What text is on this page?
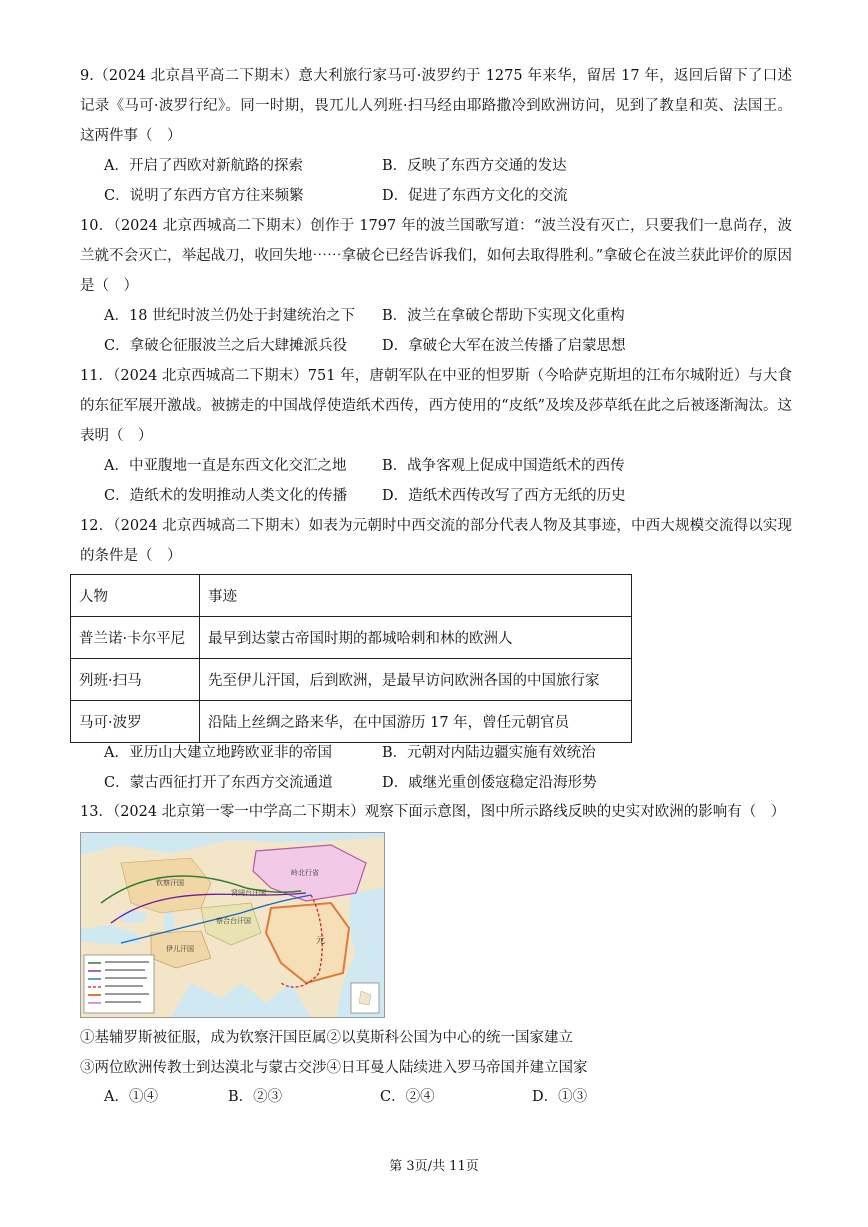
9.（2024 北京昌平高二下期末）意大利旅行家马可·波罗约于 1275 年来华，留居 17 年，返回后留下了口述记录《马可·波罗行纪》。同一时期，畏兀儿人列班·扫马经由耶路撒冷到欧洲访问，见到了教皇和英、法国王。这两件事（　）
A．开启了西欧对新航路的探索	B．反映了东西方交通的发达
C．说明了东西方官方往来频繁	D．促进了东西方文化的交流
10．（2024 北京西城高二下期末）创作于 1797 年的波兰国歌写道：“波兰没有灭亡，只要我们一息尚存，波兰就不会灭亡，举起战刀，收回失地⋯⋯拿破仑已经告诉我们，如何去取得胜利。”拿破仑在波兰获此评价的原因是（　）
A．18 世纪时波兰仍处于封建统治之下 B．波兰在拿破仑帮助下实现文化重构
C．拿破仑征服波兰之后大肆摊派兵役 D．拿破仑大军在波兰传播了启蒙思想
11．（2024 北京西城高二下期末）751 年，唐朝军队在中亚的怛罗斯（今哈萨克斯坦的江布尔城附近）与大食的东征军展开激战。被掳走的中国战俘使造纸术西传，西方使用的“皮纸”及埃及莎草纸在此之后被逐渐淘汰。这表明（　）
A．中亚腹地一直是东西文化交汇之地 B．战争客观上促成中国造纸术的西传
C．造纸术的发明推动人类文化的传播 D．造纸术西传改写了西方无纸的历史
12．（2024 北京西城高二下期末）如表为元朝时中西交流的部分代表人物及其事迹，中西大规模交流得以实现的条件是（　）
人物	事迹
普兰诺·卡尔平尼	最早到达蒙古帝国时期的都城哈剌和林的欧洲人
列班·扫马	先至伊儿汗国，后到欧洲，是最早访问欧洲各国的中国旅行家
马可·波罗	沿陆上丝绸之路来华，在中国游历 17 年，曾任元朝官员
A．亚历山大建立地跨欧亚非的帝国	B．元朝对内陆边疆实施有效统治
C．蒙古西征打开了东西方交流通道	D．戚继光重创倭寇稳定沿海形势
13．（2024 北京第一零一中学高二下期末）观察下面示意图，图中所示路线反映的史实对欧洲的影响有（　）
钦察汗国
窝阔台汗国
岭北行省
察合台汗国
伊儿汗国
元
①基辅罗斯被征服，成为钦察汗国臣属②以莫斯科公国为中心的统一国家建立
③两位欧洲传教士到达漠北与蒙古交涉④日耳曼人陆续进入罗马帝国并建立国家
A．①④	B．②③	C．②④	D．①③
第 3页/共 11页
